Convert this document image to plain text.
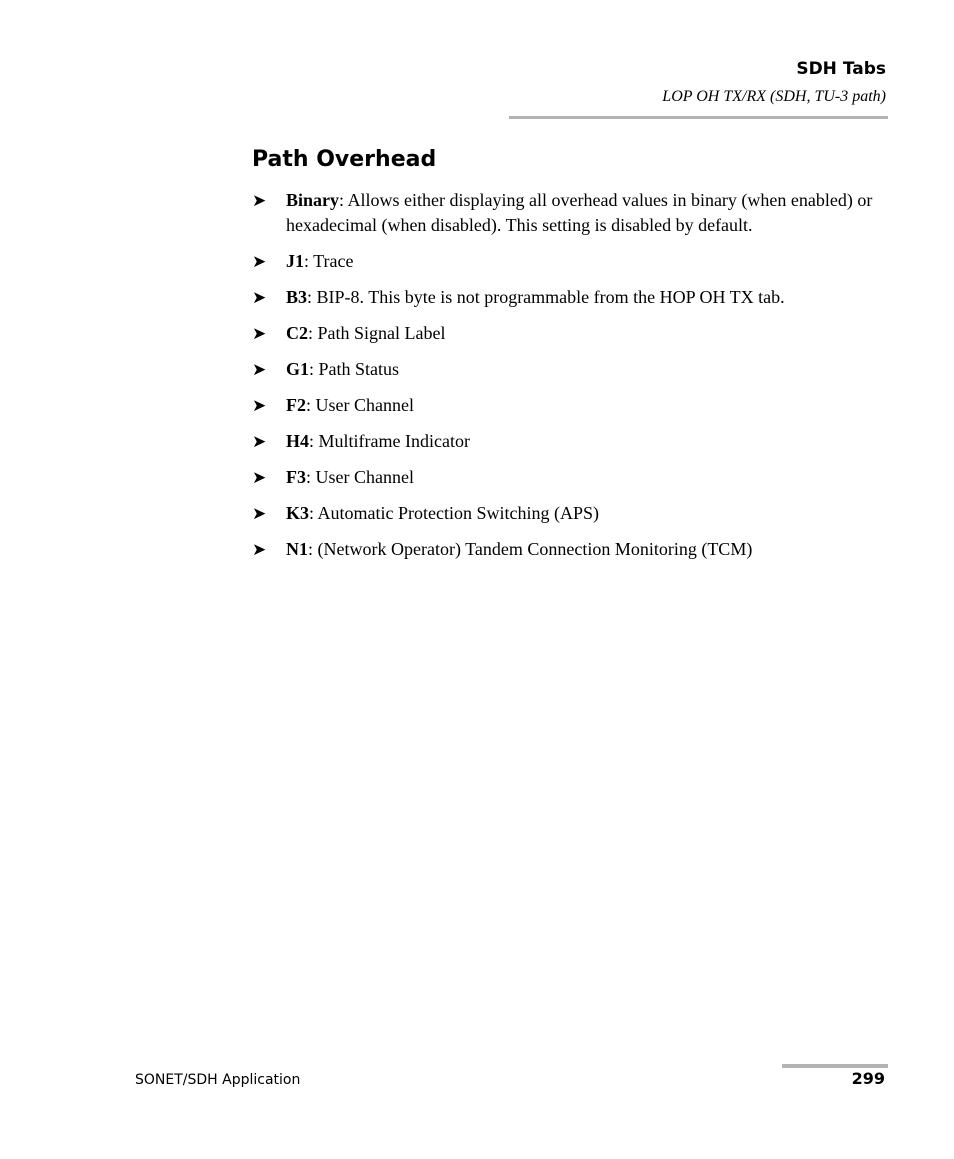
SDH Tabs
LOP OH TX/RX (SDH, TU-3 path)
Path Overhead
➤ Binary: Allows either displaying all overhead values in binary (when enabled) or hexadecimal (when disabled). This setting is disabled by default.
➤ J1: Trace
➤ B3: BIP-8. This byte is not programmable from the HOP OH TX tab.
➤ C2: Path Signal Label
➤ G1: Path Status
➤ F2: User Channel
➤ H4: Multiframe Indicator
➤ F3: User Channel
➤ K3: Automatic Protection Switching (APS)
➤ N1: (Network Operator) Tandem Connection Monitoring (TCM)
SONET/SDH Application	299
